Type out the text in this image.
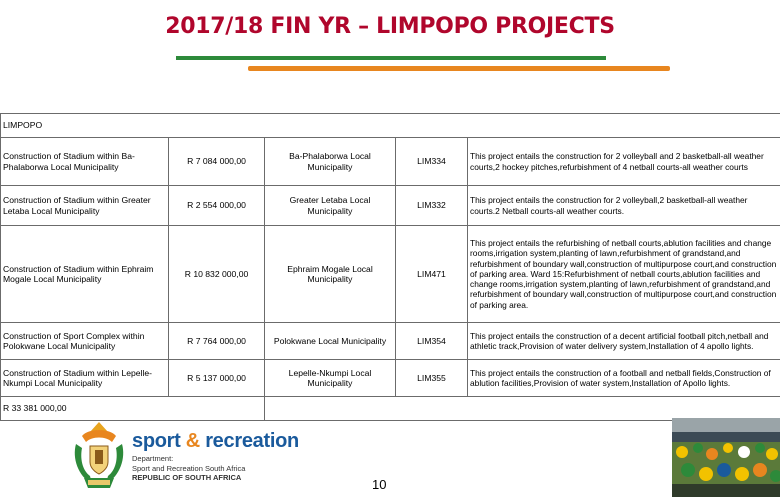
2017/18 FIN YR – LIMPOPO PROJECTS
LIMPOPO				
Construction of Stadium within Ba-Phalaborwa Local Municipality	R 7 084 000,00	Ba-Phalaborwa Local Municipality	LIM334	This project entails the construction for 2 volleyball and 2 basketball-all weather courts,2 hockey pitches,refurbishment of 4 netball courts-all weather courts
Construction of Stadium within Greater Letaba Local Municipality	R 2 554 000,00	Greater Letaba Local Municipality	LIM332	This project entails the construction for 2 volleyball,2 basketball-all weather courts.2 Netball courts-all weather courts.
Construction of Stadium within Ephraim Mogale Local Municipality	R 10 832 000,00	Ephraim Mogale Local Municipality	LIM471	This project entails the refurbishing of netball courts,ablution facilities and change rooms,irrigation system,planting of lawn,refurbishment of grandstand,and refurbishment of boundary wall,construction of multipurpose court,and construction of parking area. Ward 15:Refurbishment of netball courts,ablution facilities and change rooms,irrigation system,planting of lawn,refurbishment of grandstand,and refurbishment of boundary wall,construction of multipurpose court,and construction of parking area.
Construction of Sport Complex within Polokwane Local Municipality	R 7 764 000,00	Polokwane Local Municipality	LIM354	This project entails the construction of a decent artificial football pitch,netball and athletic track,Provision of water delivery system,Installation of 4 apollo lights.
Construction of Stadium within Lepelle-Nkumpi Local Municipality	R 5 137 000,00	Lepelle-Nkumpi Local Municipality	LIM355	This project entails the construction of a football and netball fields,Construction of ablution facilities,Provision of water system,Installation of Apollo lights.
R 33 381 000,00				
sport & recreation
Department:
Sport and Recreation South Africa
REPUBLIC OF SOUTH AFRICA	10
